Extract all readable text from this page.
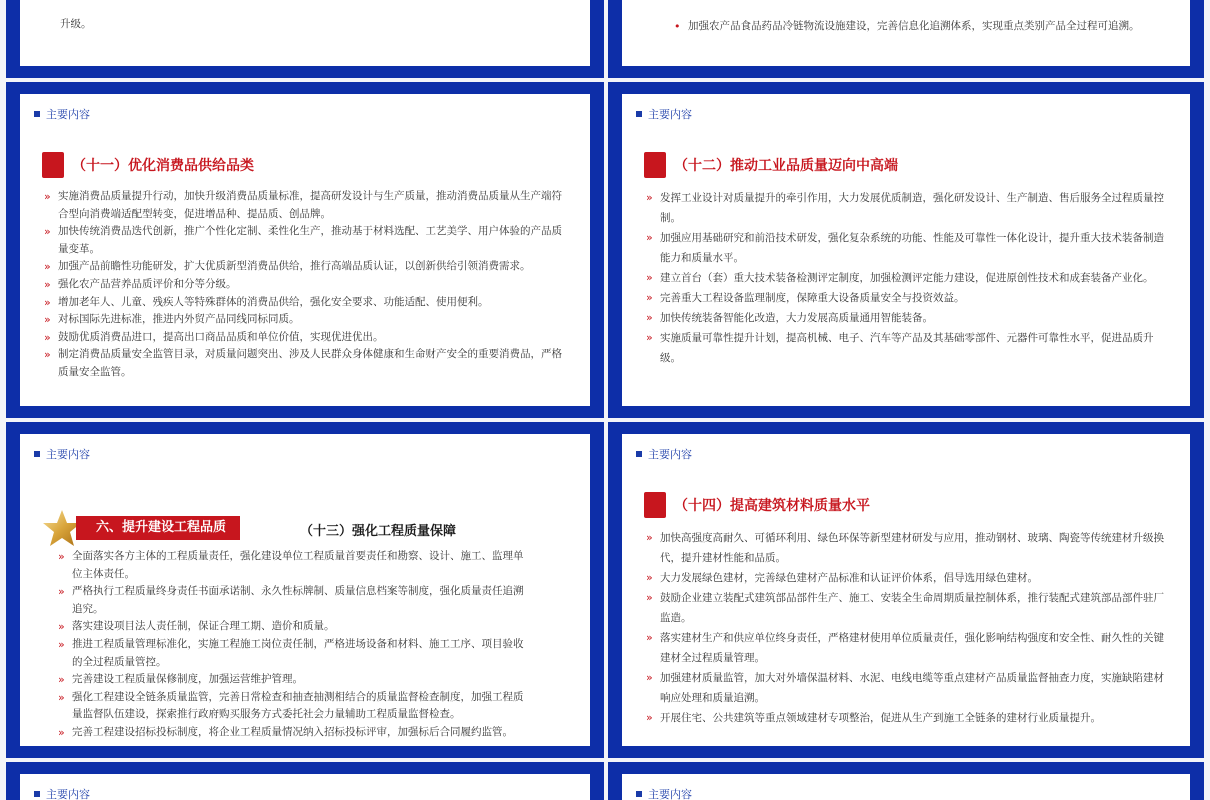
升级。
•	加强农产品食品药品冷链物流设施建设，完善信息化追溯体系，实现重点类别产品全过程可追溯。
主要内容
（十一）优化消费品供给品类
» 实施消费品质量提升行动，加快升级消费品质量标准，提高研发设计与生产质量，推动消费品质量从生产端符合型向消费端适配型转变，促进增品种、提品质、创品牌。
» 加快传统消费品迭代创新，推广个性化定制、柔性化生产，推动基于材料选配、工艺美学、用户体验的产品质量变革。
» 加强产品前瞻性功能研发，扩大优质新型消费品供给，推行高端品质认证，以创新供给引领消费需求。
» 强化农产品营养品质评价和分等分级。
» 增加老年人、儿童、残疾人等特殊群体的消费品供给，强化安全要求、功能适配、使用便利。
» 对标国际先进标准，推进内外贸产品同线同标同质。
» 鼓励优质消费品进口，提高出口商品品质和单位价值，实现优进优出。
» 制定消费品质量安全监管目录，对质量问题突出、涉及人民群众身体健康和生命财产安全的重要消费品，严格质量安全监管。
主要内容
（十二）推动工业品质量迈向中高端
» 发挥工业设计对质量提升的牵引作用，大力发展优质制造，强化研发设计、生产制造、售后服务全过程质量控制。
» 加强应用基础研究和前沿技术研发，强化复杂系统的功能、性能及可靠性一体化设计，提升重大技术装备制造能力和质量水平。
» 建立首台（套）重大技术装备检测评定制度，加强检测评定能力建设，促进原创性技术和成套装备产业化。
» 完善重大工程设备监理制度，保障重大设备质量安全与投资效益。
» 加快传统装备智能化改造，大力发展高质量通用智能装备。
» 实施质量可靠性提升计划，提高机械、电子、汽车等产品及其基础零部件、元器件可靠性水平，促进品质升级。
主要内容
六、提升建设工程品质	（十三）强化工程质量保障
» 全面落实各方主体的工程质量责任，强化建设单位工程质量首要责任和勘察、设计、施工、监理单位主体责任。
» 严格执行工程质量终身责任书面承诺制、永久性标牌制、质量信息档案等制度，强化质量责任追溯追究。
» 落实建设项目法人责任制，保证合理工期、造价和质量。
» 推进工程质量管理标准化，实施工程施工岗位责任制，严格进场设备和材料、施工工序、项目验收的全过程质量管控。
» 完善建设工程质量保修制度，加强运营维护管理。
» 强化工程建设全链条质量监管，完善日常检查和抽查抽测相结合的质量监督检查制度，加强工程质量监督队伍建设，探索推行政府购买服务方式委托社会力量辅助工程质量监督检查。
» 完善工程建设招标投标制度，将企业工程质量情况纳入招标投标评审，加强标后合同履约监管。
主要内容
（十四）提高建筑材料质量水平
» 加快高强度高耐久、可循环利用、绿色环保等新型建材研发与应用，推动钢材、玻璃、陶瓷等传统建材升级换代，提升建材性能和品质。
» 大力发展绿色建材，完善绿色建材产品标准和认证评价体系，倡导选用绿色建材。
» 鼓励企业建立装配式建筑部品部件生产、施工、安装全生命周期质量控制体系，推行装配式建筑部品部件驻厂监造。
» 落实建材生产和供应单位终身责任，严格建材使用单位质量责任，强化影响结构强度和安全性、耐久性的关键建材全过程质量管理。
» 加强建材质量监管，加大对外墙保温材料、水泥、电线电缆等重点建材产品质量监督抽查力度，实施缺陷建材响应处理和质量追溯。
» 开展住宅、公共建筑等重点领域建材专项整治，促进从生产到施工全链条的建材行业质量提升。
主要内容	主要内容
